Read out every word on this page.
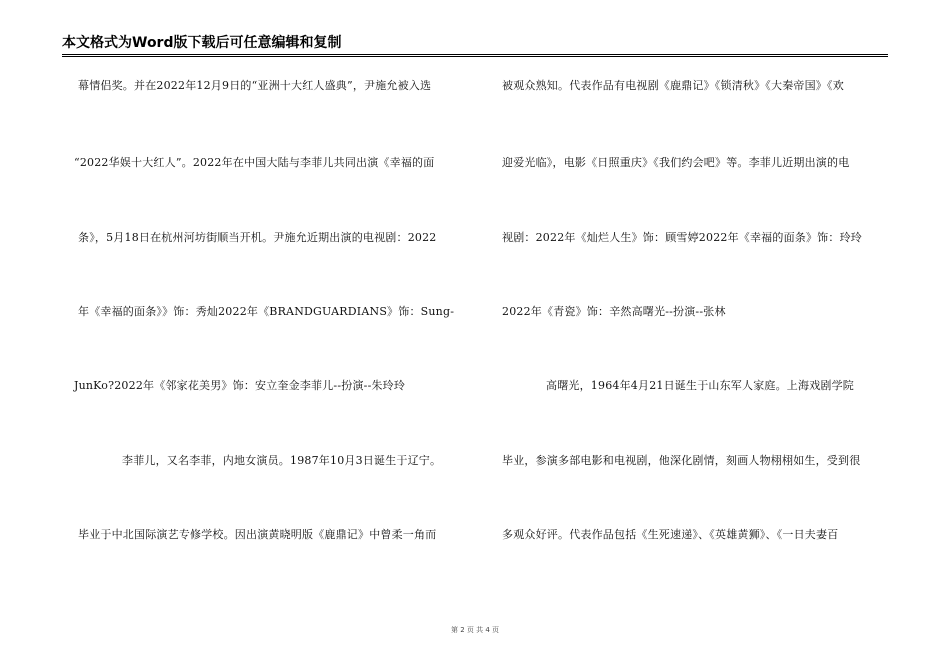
本文格式为Word版下载后可任意编辑和复制
幕情侣奖。并在2022年12月9日的“亚洲十大红人盛典”，尹施允被入选
“2022华娱十大红人”。2022年在中国大陆与李菲儿共同出演《幸福的面
条》，5月18日在杭州河坊街顺当开机。尹施允近期出演的电视剧：2022
年《幸福的面条》》饰：秀灿2022年《BRANDGUARDIANS》饰：Sung-
JunKo?2022年《邻家花美男》饰：安立奎金李菲儿--扮演--朱玲玲
李菲儿，又名李菲，内地女演员。1987年10月3日诞生于辽宁。
毕业于中北国际演艺专修学校。因出演黄晓明版《鹿鼎记》中曾柔一角而
被观众熟知。代表作品有电视剧《鹿鼎记》《锁清秋》《大秦帝国》《欢
迎爱光临》，电影《日照重庆》《我们约会吧》等。李菲儿近期出演的电
视剧：2022年《灿烂人生》饰：顾雪婷2022年《幸福的面条》饰：玲玲
2022年《青瓷》饰：辛然高曙光--扮演--张林
高曙光，1964年4月21日诞生于山东军人家庭。上海戏剧学院
毕业，参演多部电影和电视剧，他深化剧情，刻画人物栩栩如生，受到很
多观众好评。代表作品包括《生死速递》、《英雄黄狮》、《一日夫妻百
第 2 页 共 4 页
